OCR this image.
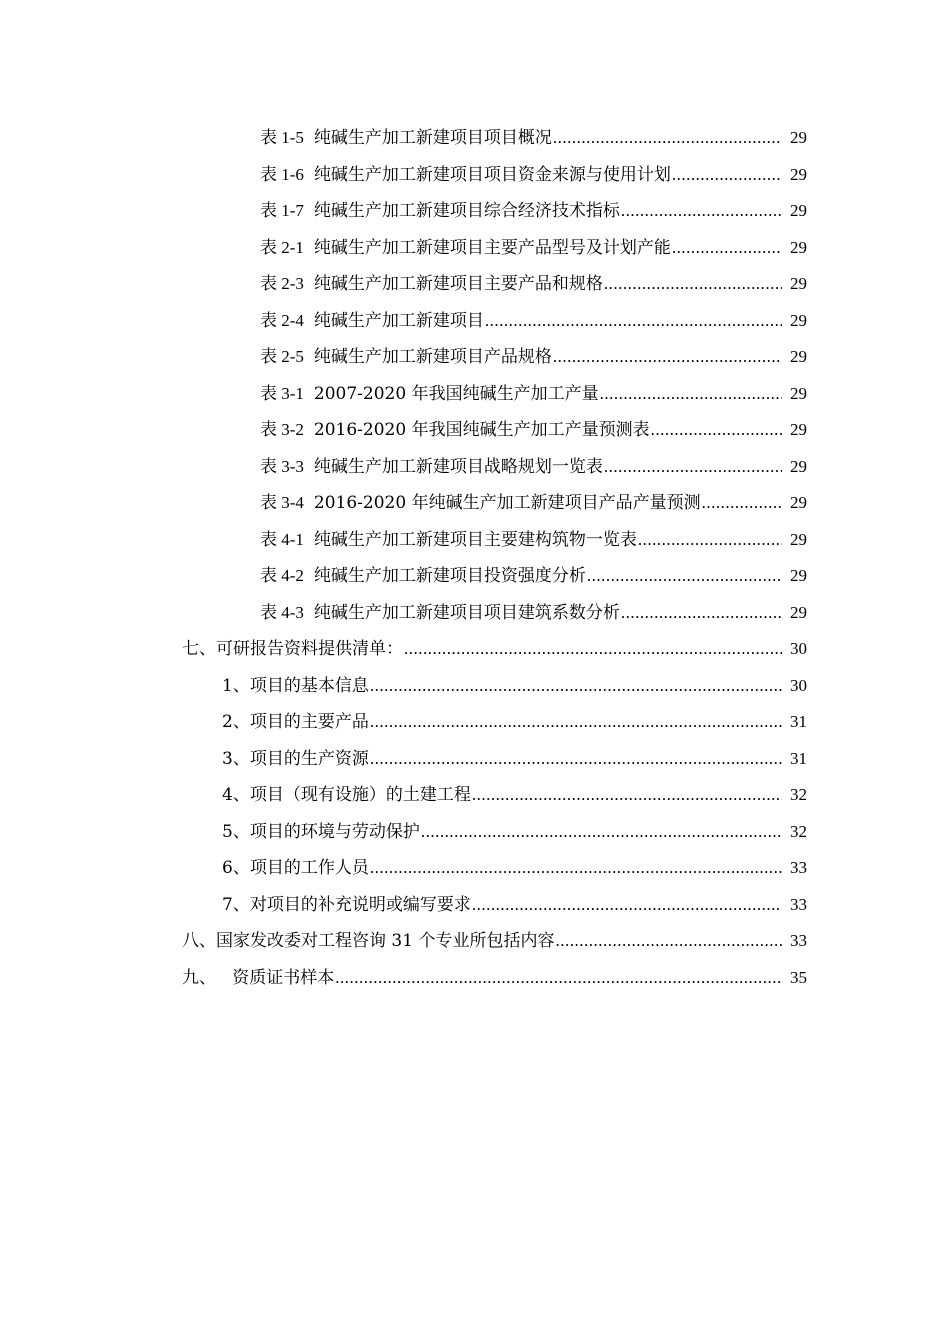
表 1-5 纯碱生产加工新建项目项目概况 .....	29
表 1-6 纯碱生产加工新建项目项目资金来源与使用计划 .....	29
表 1-7 纯碱生产加工新建项目综合经济技术指标 .....	29
表 2-1 纯碱生产加工新建项目主要产品型号及计划产能 .....	29
表 2-3 纯碱生产加工新建项目主要产品和规格 .....	29
表 2-4 纯碱生产加工新建项目 .....	29
表 2-5 纯碱生产加工新建项目产品规格 .....	29
表 3-1 2007-2020 年我国纯碱生产加工产量 .....	29
表 3-2 2016-2020 年我国纯碱生产加工产量预测表 .....	29
表 3-3 纯碱生产加工新建项目战略规划一览表 .....	29
表 3-4 2016-2020 年纯碱生产加工新建项目产品产量预测 .....	29
表 4-1 纯碱生产加工新建项目主要建构筑物一览表 .....	29
表 4-2 纯碱生产加工新建项目投资强度分析 .....	29
表 4-3 纯碱生产加工新建项目项目建筑系数分析 .....	29
七、可研报告资料提供清单： .....	30
1、项目的基本信息 .....	30
2、项目的主要产品 .....	31
3、项目的生产资源 .....	31
4、项目（现有设施）的土建工程 .....	32
5、项目的环境与劳动保护 .....	32
6、项目的工作人员 .....	33
7、对项目的补充说明或编写要求 .....	33
八、国家发改委对工程咨询 31 个专业所包括内容 .....	33
九、   资质证书样本 .....	35
